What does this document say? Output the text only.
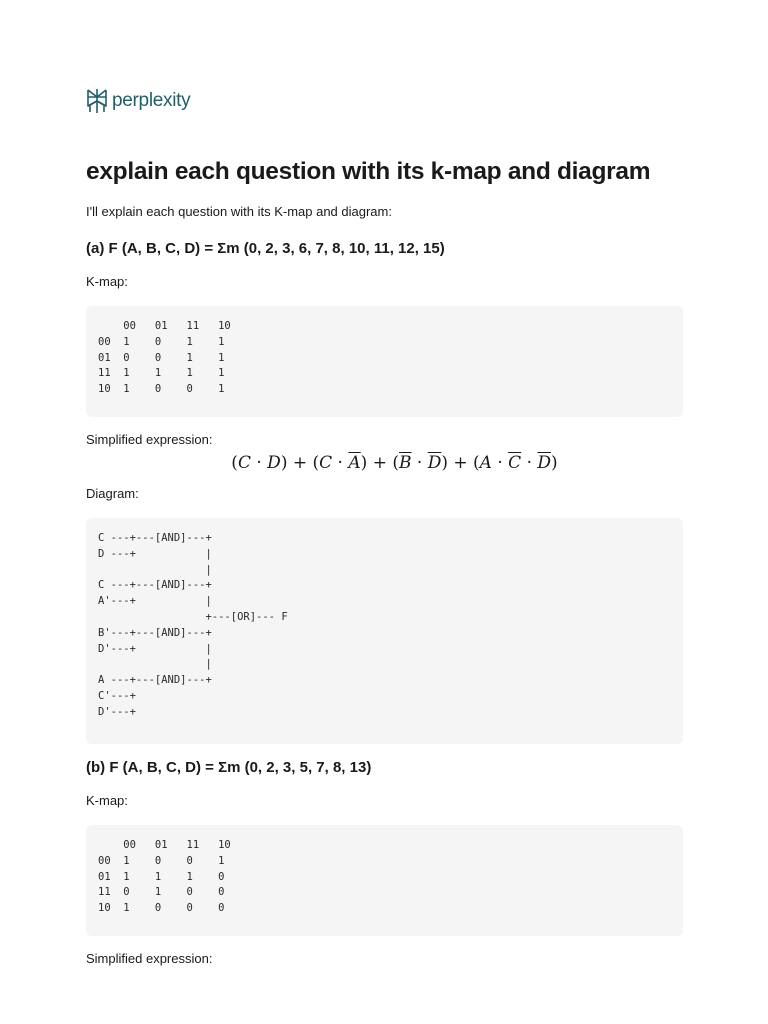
perplexity
explain each question with its k-map and diagram

I'll explain each question with its K-map and diagram:

(a) F (A, B, C, D) = Σm (0, 2, 3, 6, 7, 8, 10, 11, 12, 15)

K-map:

00   01   11   10
00  1    0    1    1
01  0    0    1    1
11  1    1    1    1
10  1    0    0    1

Simplified expression:

$(C \cdot D) + (C \cdot \overline{A}) + (\overline{B} \cdot \overline{D}) + (A \cdot \overline{C} \cdot \overline{D})$

Diagram:

C ---+---[AND]---+
D ---+           |
|
C ---+---[AND]---+
A'---+           |
+---[OR]--- F
B'---+---[AND]---+
D'---+           |
|
A ---+---[AND]---+
C'---+
D'---+
(b) F (A, B, C, D) = Σm (0, 2, 3, 5, 7, 8, 13)

K-map:

00   01   11   10
00  1    0    0    1
01  1    1    1    0
11  0    1    0    0
10  1    0    0    0

Simplified expression:
